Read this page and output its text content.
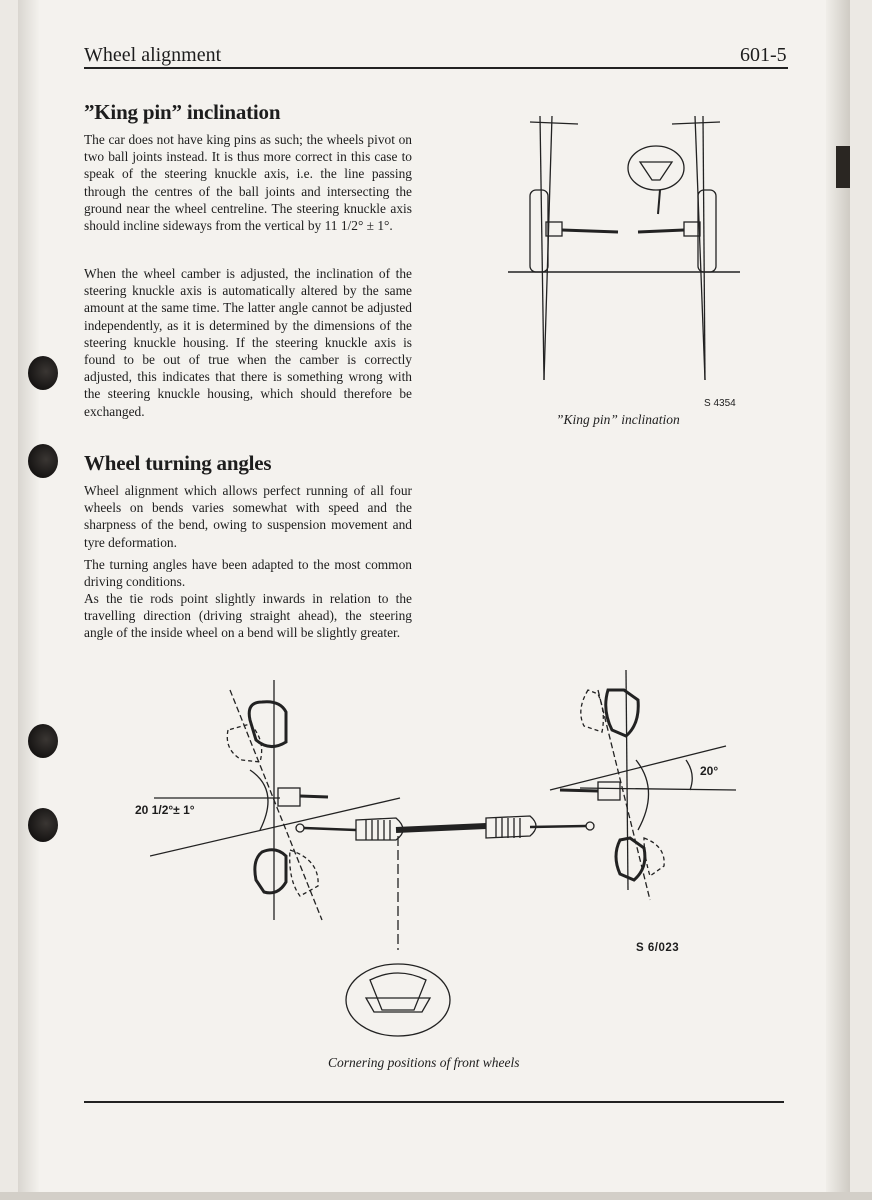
Wheel alignment	601-5
”King pin” inclination

The car does not have king pins as such; the wheels pivot on two ball joints instead. It is thus more correct in this case to speak of the steering knuckle axis, i.e. the line passing through the centres of the ball joints and intersecting the ground near the wheel centreline. The steering knuckle axis should incline sideways from the vertical by 11 1/2° ± 1°.

When the wheel camber is adjusted, the inclination of the steering knuckle axis is automatically altered by the same amount at the same time. The latter angle cannot be adjusted independently, as it is determined by the dimensions of the steering knuckle housing. If the steering knuckle axis is found to be out of true when the camber is correctly adjusted, this indicates that there is something wrong with the steering knuckle housing, which should therefore be exchanged.

Wheel turning angles

Wheel alignment which allows perfect running of all four wheels on bends varies somewhat with speed and the sharpness of the bend, owing to suspension movement and tyre deformation.

The turning angles have been adapted to the most common driving conditions.

As the tie rods point slightly inwards in relation to the travelling direction (driving straight ahead), the steering angle of the inside wheel on a bend will be slightly greater.

S 4354
”King pin” inclination
20 1/2°± 1°
20°
S 6/023
Cornering positions of front wheels
